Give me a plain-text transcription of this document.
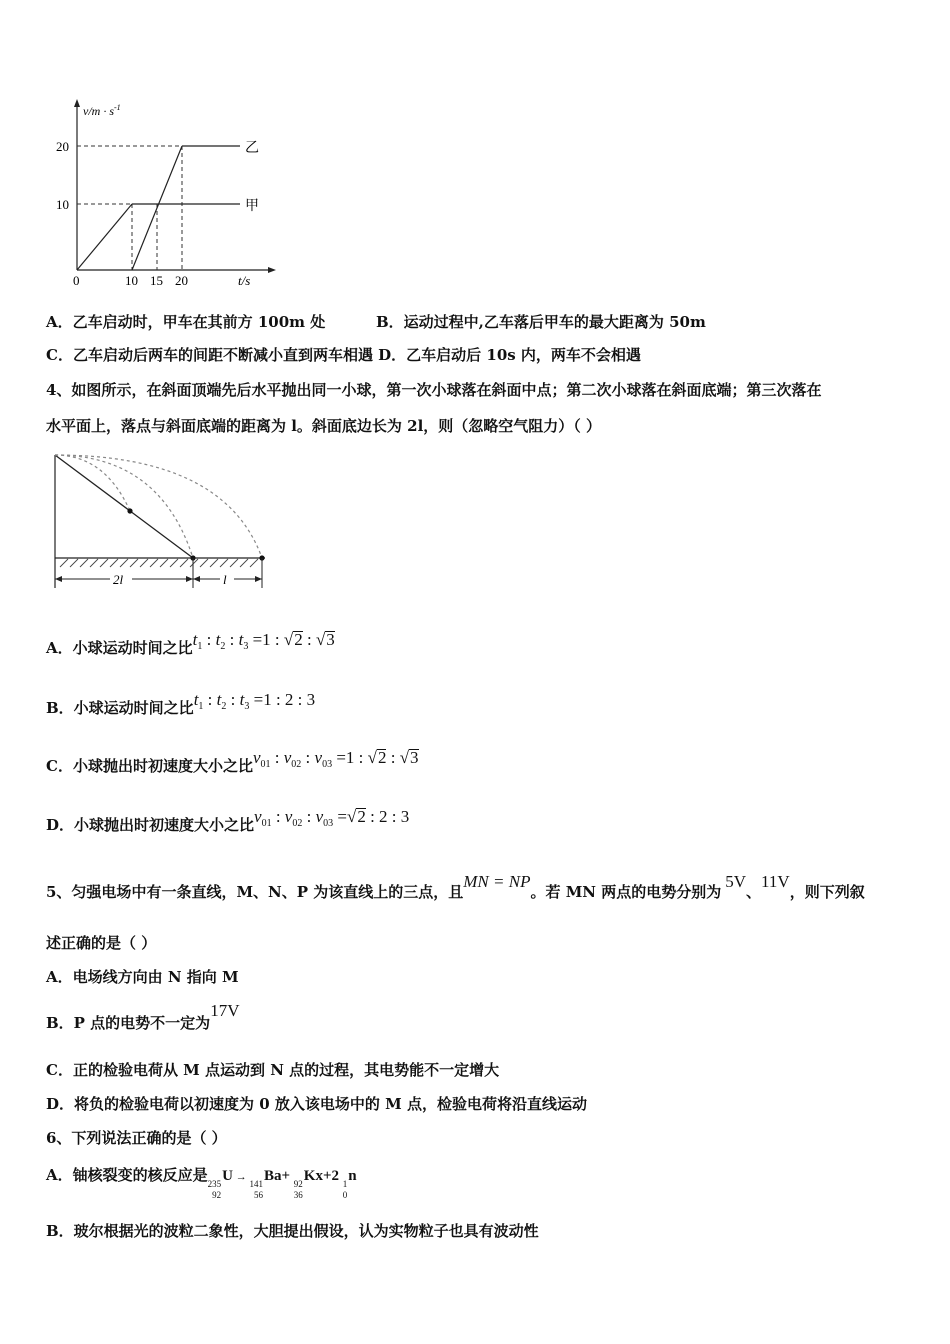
$v/m \cdot s^{-1}$
20
10
0	10 15 20	t/s
乙
甲
A．乙车启动时，甲车在其前方 100m 处	B．运动过程中,乙车落后甲车的最大距离为 50m
C．乙车启动后两车的间距不断减小直到两车相遇 D．乙车启动后 10s 内，两车不会相遇
4、如图所示，在斜面顶端先后水平抛出同一小球，第一次小球落在斜面中点；第二次小球落在斜面底端；第三次落在
水平面上，落点与斜面底端的距离为 l。斜面底边长为 2l，则（忽略空气阻力）（ ）
2l	l
A．小球运动时间之比$t_1$ : $t_2$ : $t_3 =1$ : √2 : √3
B．小球运动时间之比$t_1$ : $t_2$ : $t_3 =1$ : 2 : 3
C．小球抛出时初速度大小之比$v_{01}$ : $v_{02}$ : $v_{03} =1$ : √2 : √3
D．小球抛出时初速度大小之比$v_{01}$ : $v_{02}$ : $v_{03} =√2$ : 2 : 3
5、匀强电场中有一条直线，M、N、P 为该直线上的三点，且MN = NP。若 MN 两点的电势分别为5V、11V，则下列叙
述正确的是（ ）
A．电场线方向由 N 指向 M
B．P 点的电势不一定为17V
C．正的检验电荷从 M 点运动到 N 点的过程，其电势能不一定增大
D．将负的检验电荷以初速度为 0 放入该电场中的 M 点，检验电荷将沿直线运动
6、下列说法正确的是（ ）
A．铀核裂变的核反应是 235
92
U →
141
56
Ba+ 92
36
Kx+2 1
0
n
B．玻尔根据光的波粒二象性，大胆提出假设，认为实物粒子也具有波动性
